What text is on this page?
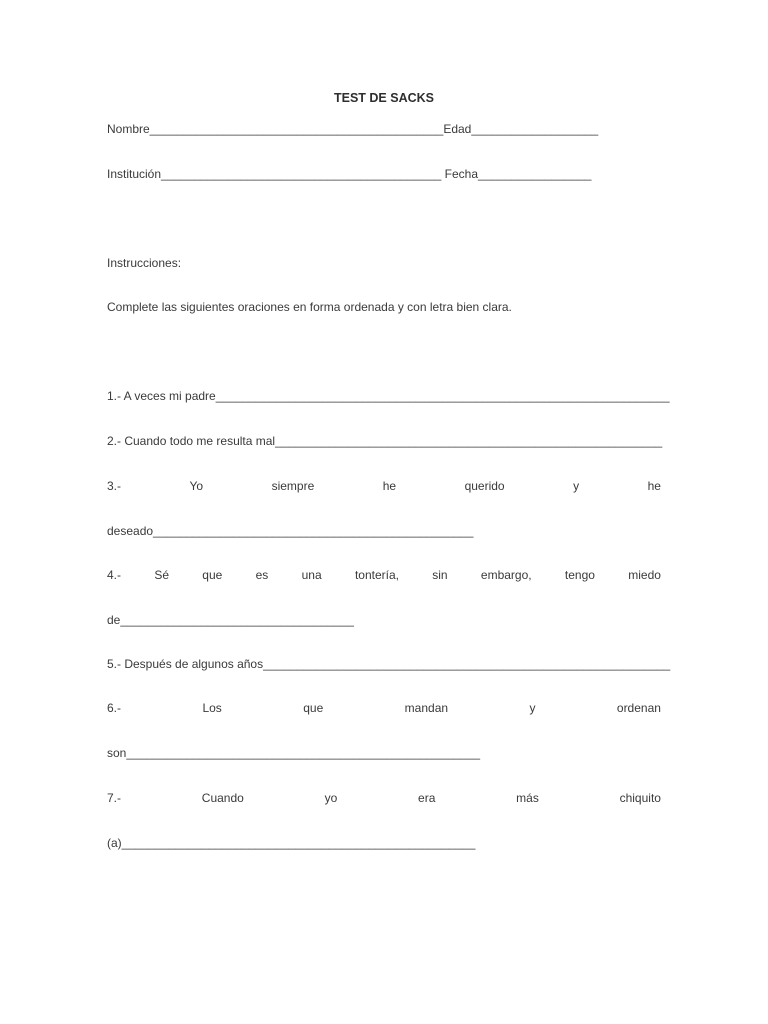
TEST DE SACKS
Nombre____________________________________________Edad___________________
Institución__________________________________________ Fecha_________________
Instrucciones:
Complete las siguientes oraciones en forma ordenada y con letra bien clara.
1.- A veces mi padre____________________________________________________________________
2.- Cuando todo me resulta mal__________________________________________________________
3.-	Yo	siempre	he	querido	y	he
deseado________________________________________________
4.-	Sé	que	es	una	tontería,	sin	embargo,	tengo	miedo
de___________________________________
5.- Después de algunos años_____________________________________________________________
6.-	Los	que	mandan	y	ordenan
son_____________________________________________________
7.-	Cuando	yo	era	más	chiquito
(a)_____________________________________________________
